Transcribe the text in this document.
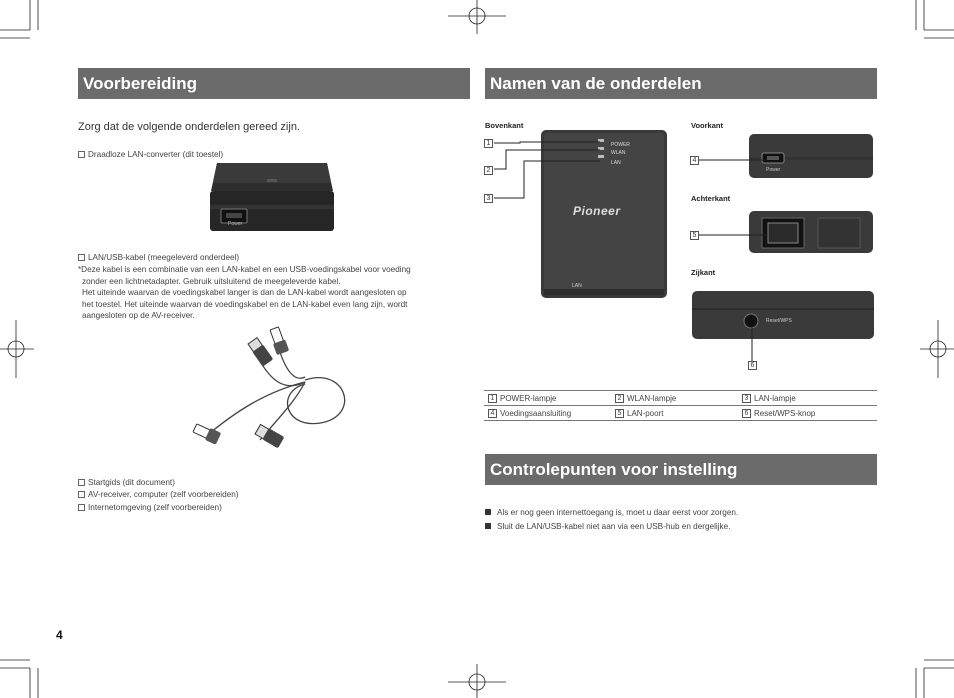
Voorbereiding
Zorg dat de volgende onderdelen gereed zijn.
Draadloze LAN-converter (dit toestel)
Power
LAN/USB-kabel (meegeleverd onderdeel)
*Deze kabel is een combinatie van een LAN-kabel en een USB-voedingskabel voor voeding
zonder een lichtnetadapter. Gebruik uitsluitend de meegeleverde kabel.
Het uiteinde waarvan de voedingskabel langer is dan de LAN-kabel wordt aangesloten op
het toestel. Het uiteinde waarvan de voedingskabel en de LAN-kabel even lang zijn, wordt
aangesloten op de AV-receiver.
Startgids (dit document)
AV-receiver, computer (zelf voorbereiden)
Internetomgeving (zelf voorbereiden)
4
Namen van de onderdelen
Bovenkant	Voorkant
Achterkant
Zijkant
POWER
WLAN
LAN
Pioneer
LAN
1
2
3
Power
4
5
Reset/WPS
6
1	POWER-lampje	2	WLAN-lampje	3	LAN-lampje
4	Voedingsaansluiting	5	LAN-poort	6	Reset/WPS-knop
Controlepunten voor instelling
Als er nog geen internettoegang is, moet u daar eerst voor zorgen.
Sluit de LAN/USB-kabel niet aan via een USB-hub en dergelijke.
